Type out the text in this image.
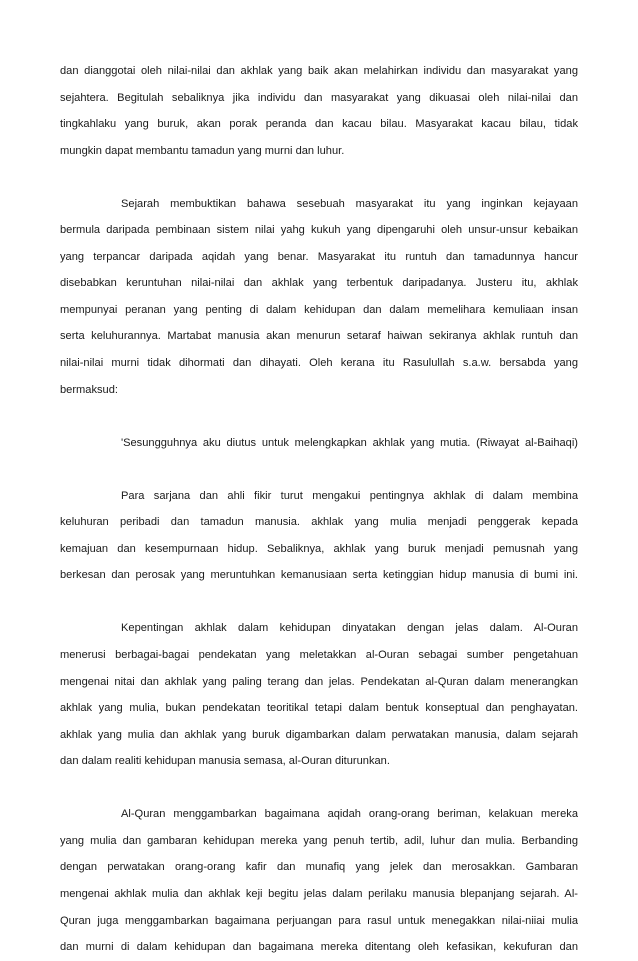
dan dianggotai oleh nilai-nilai dan akhlak yang baik akan melahirkan individu dan masyarakat yang
sejahtera. Begitulah sebaliknya jika individu dan masyarakat yang dikuasai oleh nilai-nilai dan
tingkahlaku yang buruk, akan porak peranda dan kacau bilau. Masyarakat kacau bilau, tidak
mungkin dapat membantu tamadun yang murni dan luhur.
Sejarah membuktikan bahawa sesebuah masyarakat itu yang inginkan kejayaan
bermula daripada pembinaan sistem nilai yahg kukuh yang dipengaruhi oleh unsur-unsur kebaikan
yang terpancar daripada aqidah yang benar. Masyarakat itu runtuh dan tamadunnya hancur
disebabkan keruntuhan nilai-nilai dan akhlak yang terbentuk daripadanya. Justeru itu, akhlak
mempunyai peranan yang penting di dalam kehidupan dan dalam memelihara kemuliaan insan
serta keluhurannya. Martabat manusia akan menurun setaraf haiwan sekiranya akhlak runtuh dan
nilai-nilai murni tidak dihormati dan dihayati. Oleh kerana itu Rasulullah s.a.w. bersabda yang
bermaksud:
'Sesungguhnya aku diutus untuk melengkapkan akhlak yang mutia. (Riwayat al-Baihaqi)
Para sarjana dan ahli fikir turut mengakui pentingnya akhlak di dalam membina
keluhuran peribadi dan tamadun manusia. akhlak yang mulia menjadi penggerak kepada
kemajuan dan kesempurnaan hidup. Sebaliknya, akhlak yang buruk menjadi pemusnah yang
berkesan dan perosak yang meruntuhkan kemanusiaan serta ketinggian hidup manusia di bumi ini.
Kepentingan akhlak dalam kehidupan dinyatakan dengan jelas dalam. Al-Ouran
menerusi berbagai-bagai pendekatan yang meletakkan al-Ouran sebagai sumber pengetahuan
mengenai nitai dan akhlak yang paling terang dan jelas. Pendekatan al-Quran dalam menerangkan
akhlak yang mulia, bukan pendekatan teoritikal tetapi dalam bentuk konseptual dan penghayatan.
akhlak yang mulia dan akhlak yang buruk digambarkan dalam perwatakan manusia, dalam sejarah
dan dalam realiti kehidupan manusia semasa, al-Ouran diturunkan.
Al-Quran menggambarkan bagaimana aqidah orang-orang beriman, kelakuan mereka
yang mulia dan gambaran kehidupan mereka yang penuh tertib, adil, luhur dan mulia. Berbanding
dengan perwatakan orang-orang kafir dan munafiq yang jelek dan merosakkan. Gambaran
mengenai akhlak mulia dan akhlak keji begitu jelas dalam perilaku manusia blepanjang sejarah. Al-
Quran juga menggambarkan bagaimana perjuangan para rasul untuk menegakkan nilai-niiai mulia
dan murni di dalam kehidupan dan bagaimana mereka ditentang oleh kefasikan, kekufuran dan
